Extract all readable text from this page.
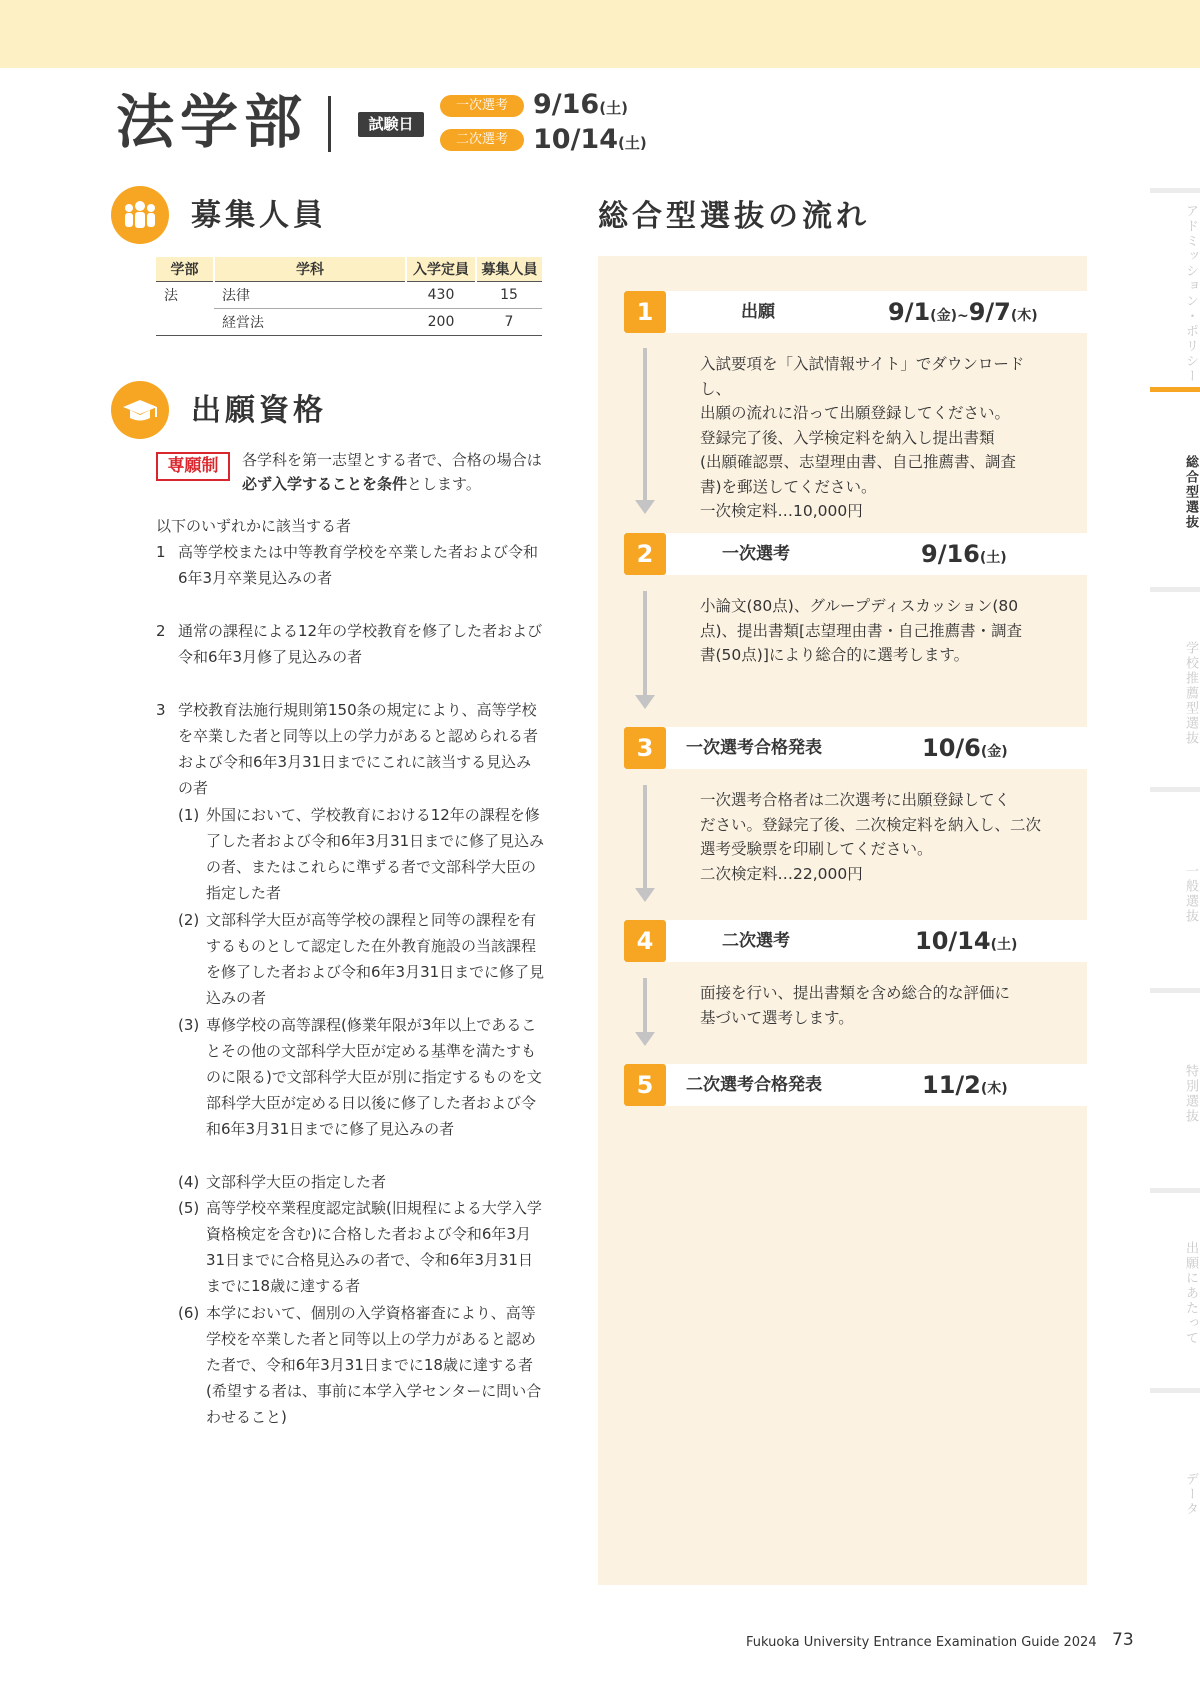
法学部	試験日
一次選考 9/16(土)
二次選考 10/14(土)
募集人員
学部	学科	入学定員	募集人員
法	法律	430	15
	経営法	200	7
出願資格
専願制	各学科を第一志望とする者で、合格の場合は
必ず入学することを条件とします。
以下のいずれかに該当する者
1 高等学校または中等教育学校を卒業した者および令和6年3月卒業見込みの者
2 通常の課程による12年の学校教育を修了した者および令和6年3月修了見込みの者
3 学校教育法施行規則第150条の規定により、高等学校を卒業した者と同等以上の学力があると認められる者および令和6年3月31日までにこれに該当する見込みの者
(1) 外国において、学校教育における12年の課程を修了した者および令和6年3月31日までに修了見込みの者、またはこれらに準ずる者で文部科学大臣の指定した者
(2) 文部科学大臣が高等学校の課程と同等の課程を有するものとして認定した在外教育施設の当該課程を修了した者および令和6年3月31日までに修了見込みの者
(3) 専修学校の高等課程(修業年限が3年以上であることその他の文部科学大臣が定める基準を満たすものに限る)で文部科学大臣が別に指定するものを文部科学大臣が定める日以後に修了した者および令和6年3月31日までに修了見込みの者
(4) 文部科学大臣の指定した者
(5) 高等学校卒業程度認定試験(旧規程による大学入学資格検定を含む)に合格した者および令和6年3月31日までに合格見込みの者で、令和6年3月31日までに18歳に達する者
(6) 本学において、個別の入学資格審査により、高等学校を卒業した者と同等以上の学力があると認めた者で、令和6年3月31日までに18歳に達する者(希望する者は、事前に本学入学センターに問い合わせること)
総合型選抜の流れ
1	出願	9/1(金)~9/7(木)
入試要項を「入試情報サイト」でダウンロードし、
出願の流れに沿って出願登録してください。
登録完了後、入学検定料を納入し提出書類
(出願確認票、志望理由書、自己推薦書、調査
書)を郵送してください。
一次検定料…10,000円
2	一次選考	9/16(土)
小論文(80点)、グループディスカッション(80
点)、提出書類[志望理由書・自己推薦書・調査
書(50点)]により総合的に選考します。
3	一次選考合格発表	10/6(金)
一次選考合格者は二次選考に出願登録してく
ださい。登録完了後、二次検定料を納入し、二次
選考受験票を印刷してください。
二次検定料…22,000円
4	二次選考	10/14(土)
面接を行い、提出書類を含め総合的な評価に
基づいて選考します。
5	二次選考合格発表	11/2(木)
アドミッション・ポリシー
総合型選抜
学校推薦型選抜
一般選抜
特別選抜
出願にあたって
データ
Fukuoka University Entrance Examination Guide 2024 73
